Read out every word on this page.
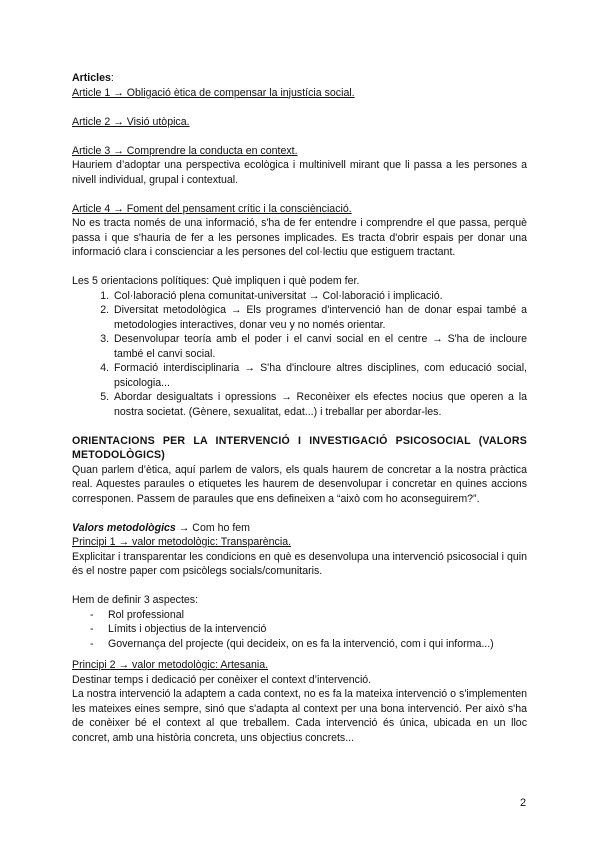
Articles:

Article 1 → Obligació ètica de compensar la injustícia social.

Article 2 → Visió utòpica.

Article 3 → Comprendre la conducta en context.

Hauriem d’adoptar una perspectiva ecològica i multinivell mirant que li passa a les persones a nivell individual, grupal i contextual.

Article 4 → Foment del pensament crític i la consciènciació.

No es tracta només de una informació, s'ha de fer entendre i comprendre el que passa, perquè passa i que s'hauria de fer a les persones implicades. Es tracta d'obrir espais per donar una informació clara i conscienciar a les persones del col·lectiu que estiguem tractant.

Les 5 orientacions polítiques: Què impliquen i què podem fer.

1. Col·laboració plena comunitat-universitat → Col·laboració i implicació.
2. Diversitat metodològica → Els programes d'intervenció han de donar espai també a metodologies interactives, donar veu y no només orientar.
3. Desenvolupar teoría amb el poder i el canvi social en el centre → S'ha de incloure també el canvi social.
4. Formació interdisciplinaria → S'ha d'incloure altres disciplines, com educació social, psicologia...
5. Abordar desigualtats i opressions → Reconèixer els efectes nocius que operen a la nostra societat. (Gènere, sexualitat, edat...) i treballar per abordar-les.

ORIENTACIONS PER LA INTERVENCIÓ I INVESTIGACIÓ PSICOSOCIAL (VALORS METODOLÒGICS)

Quan parlem d’ètica, aquí parlem de valors, els quals haurem de concretar a la nostra pràctica real. Aquestes paraules o etiquetes les haurem de desenvolupar i concretar en quines accions corresponen. Passem de paraules que ens defineixen a “això com ho aconseguirem?”.

Valors metodològics → Com ho fem

Principi 1 → valor metodològic: Transparència.

Explicitar i transparentar les condicions en què es desenvolupa una intervenció psicosocial i quin és el nostre paper com psicòlegs socials/comunitaris.

Hem de definir 3 aspectes:

- Rol professional
- Límits i objectius de la intervenció
- Governança del projecte (qui decideix, on es fa la intervenció, com i qui informa...)

Principi 2 → valor metodològic: Artesania.

Destinar temps i dedicació per conèixer el context d’intervenció.

La nostra intervenció la adaptem a cada context, no es fa la mateixa intervenció o s'implementen les mateixes eines sempre, sinó que s'adapta al context per una bona intervenció. Per això s'ha de conèixer bé el context al que treballem. Cada intervenció és única, ubicada en un lloc concret, amb una història concreta, uns objectius concrets...

2
